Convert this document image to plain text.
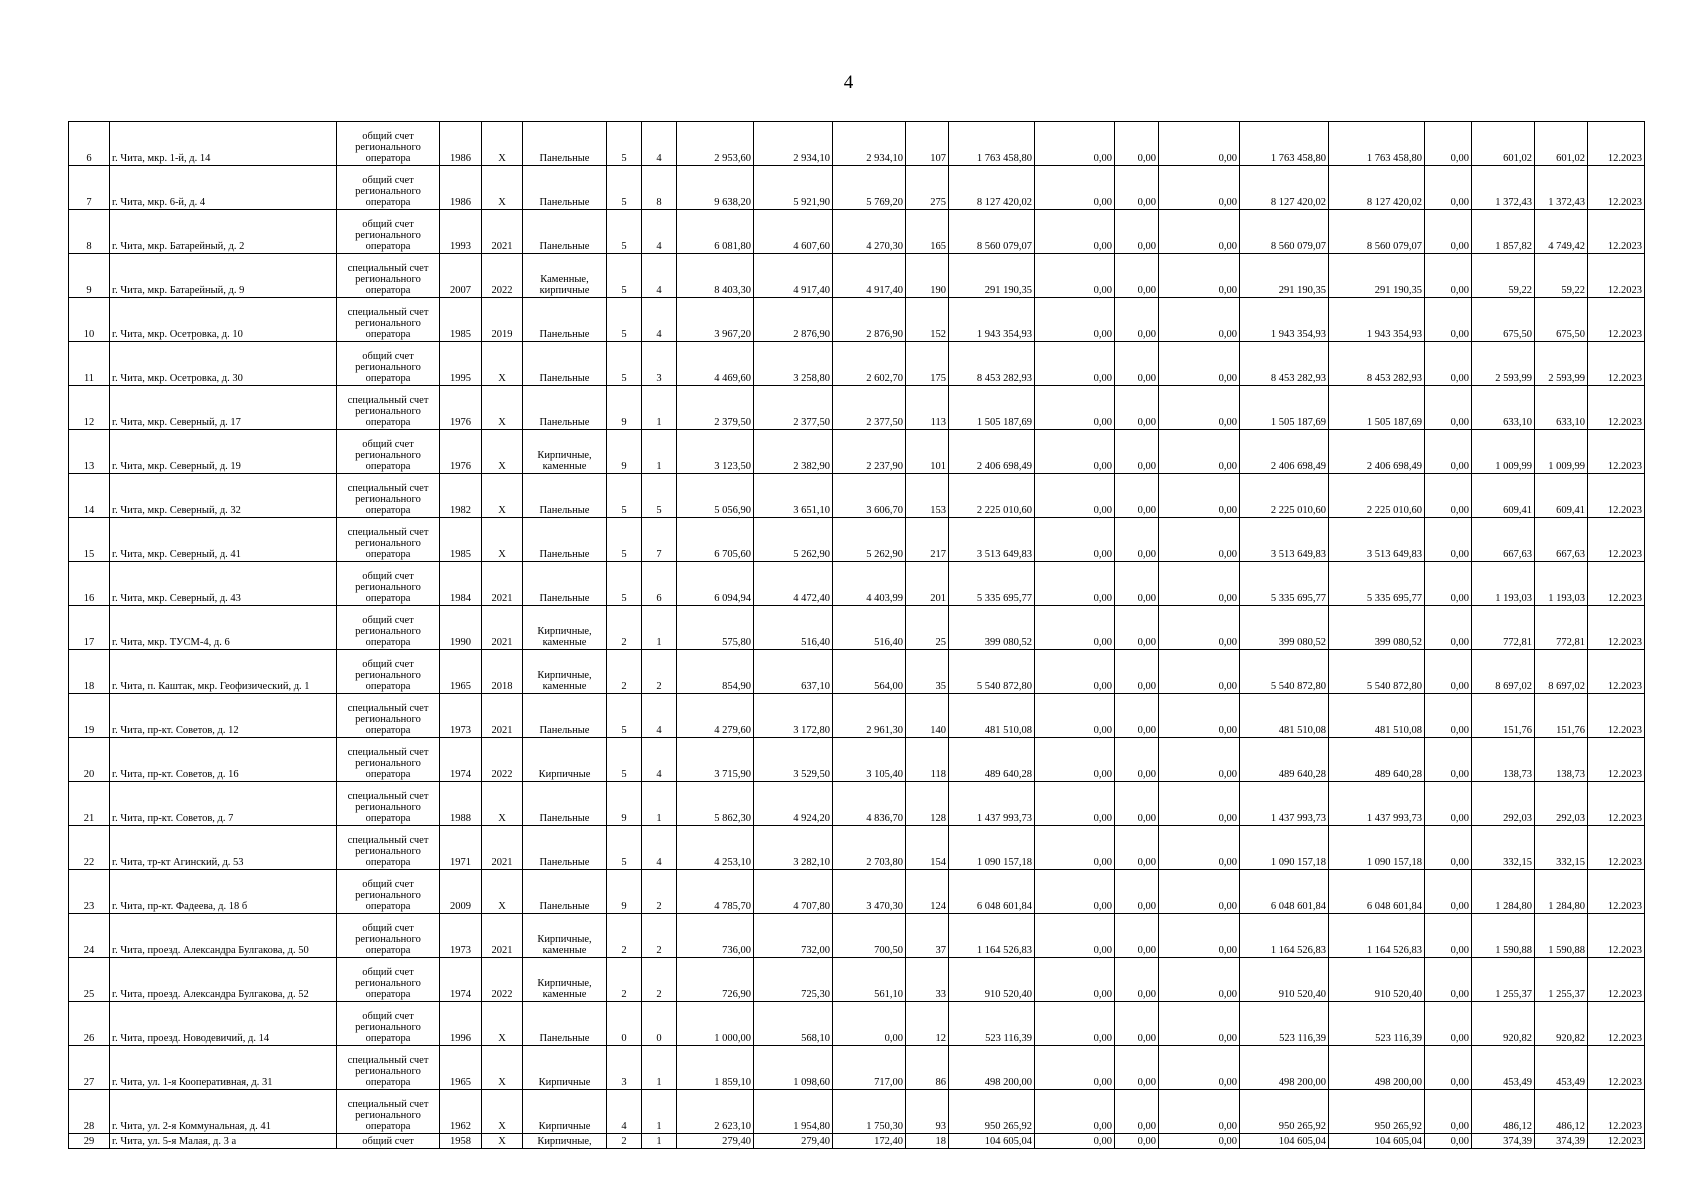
4
6	г. Чита, мкр. 1-й, д. 14	общий счет
регионального
оператора	1986	X	Панельные	5	4	2 953,60	2 934,10	2 934,10	107	1 763 458,80	0,00	0,00	0,00	1 763 458,80	1 763 458,80	0,00	601,02	601,02	12.2023
7	г. Чита, мкр. 6-й, д. 4	общий счет
регионального
оператора	1986	X	Панельные	5	8	9 638,20	5 921,90	5 769,20	275	8 127 420,02	0,00	0,00	0,00	8 127 420,02	8 127 420,02	0,00	1 372,43	1 372,43	12.2023
8	г. Чита, мкр. Батарейный, д. 2	общий счет
регионального
оператора	1993	2021	Панельные	5	4	6 081,80	4 607,60	4 270,30	165	8 560 079,07	0,00	0,00	0,00	8 560 079,07	8 560 079,07	0,00	1 857,82	4 749,42	12.2023
9	г. Чита, мкр. Батарейный, д. 9	специальный счет
регионального
оператора	2007	2022	Каменные,
кирпичные	5	4	8 403,30	4 917,40	4 917,40	190	291 190,35	0,00	0,00	0,00	291 190,35	291 190,35	0,00	59,22	59,22	12.2023
10	г. Чита, мкр. Осетровка, д. 10	специальный счет
регионального
оператора	1985	2019	Панельные	5	4	3 967,20	2 876,90	2 876,90	152	1 943 354,93	0,00	0,00	0,00	1 943 354,93	1 943 354,93	0,00	675,50	675,50	12.2023
11	г. Чита, мкр. Осетровка, д. 30	общий счет
регионального
оператора	1995	X	Панельные	5	3	4 469,60	3 258,80	2 602,70	175	8 453 282,93	0,00	0,00	0,00	8 453 282,93	8 453 282,93	0,00	2 593,99	2 593,99	12.2023
12	г. Чита, мкр. Северный, д. 17	специальный счет
регионального
оператора	1976	X	Панельные	9	1	2 379,50	2 377,50	2 377,50	113	1 505 187,69	0,00	0,00	0,00	1 505 187,69	1 505 187,69	0,00	633,10	633,10	12.2023
13	г. Чита, мкр. Северный, д. 19	общий счет
регионального
оператора	1976	X	Кирпичные,
каменные	9	1	3 123,50	2 382,90	2 237,90	101	2 406 698,49	0,00	0,00	0,00	2 406 698,49	2 406 698,49	0,00	1 009,99	1 009,99	12.2023
14	г. Чита, мкр. Северный, д. 32	специальный счет
регионального
оператора	1982	X	Панельные	5	5	5 056,90	3 651,10	3 606,70	153	2 225 010,60	0,00	0,00	0,00	2 225 010,60	2 225 010,60	0,00	609,41	609,41	12.2023
15	г. Чита, мкр. Северный, д. 41	специальный счет
регионального
оператора	1985	X	Панельные	5	7	6 705,60	5 262,90	5 262,90	217	3 513 649,83	0,00	0,00	0,00	3 513 649,83	3 513 649,83	0,00	667,63	667,63	12.2023
16	г. Чита, мкр. Северный, д. 43	общий счет
регионального
оператора	1984	2021	Панельные	5	6	6 094,94	4 472,40	4 403,99	201	5 335 695,77	0,00	0,00	0,00	5 335 695,77	5 335 695,77	0,00	1 193,03	1 193,03	12.2023
17	г. Чита, мкр. ТУСМ-4, д. 6	общий счет
регионального
оператора	1990	2021	Кирпичные,
каменные	2	1	575,80	516,40	516,40	25	399 080,52	0,00	0,00	0,00	399 080,52	399 080,52	0,00	772,81	772,81	12.2023
18	г. Чита, п. Каштак, мкр. Геофизический, д. 1	общий счет
регионального
оператора	1965	2018	Кирпичные,
каменные	2	2	854,90	637,10	564,00	35	5 540 872,80	0,00	0,00	0,00	5 540 872,80	5 540 872,80	0,00	8 697,02	8 697,02	12.2023
19	г. Чита, пр-кт. Советов, д. 12	специальный счет
регионального
оператора	1973	2021	Панельные	5	4	4 279,60	3 172,80	2 961,30	140	481 510,08	0,00	0,00	0,00	481 510,08	481 510,08	0,00	151,76	151,76	12.2023
20	г. Чита, пр-кт. Советов, д. 16	специальный счет
регионального
оператора	1974	2022	Кирпичные	5	4	3 715,90	3 529,50	3 105,40	118	489 640,28	0,00	0,00	0,00	489 640,28	489 640,28	0,00	138,73	138,73	12.2023
21	г. Чита, пр-кт. Советов, д. 7	специальный счет
регионального
оператора	1988	X	Панельные	9	1	5 862,30	4 924,20	4 836,70	128	1 437 993,73	0,00	0,00	0,00	1 437 993,73	1 437 993,73	0,00	292,03	292,03	12.2023
22	г. Чита, тр-кт Агинский, д. 53	специальный счет
регионального
оператора	1971	2021	Панельные	5	4	4 253,10	3 282,10	2 703,80	154	1 090 157,18	0,00	0,00	0,00	1 090 157,18	1 090 157,18	0,00	332,15	332,15	12.2023
23	г. Чита, пр-кт. Фадеева, д. 18 б	общий счет
регионального
оператора	2009	X	Панельные	9	2	4 785,70	4 707,80	3 470,30	124	6 048 601,84	0,00	0,00	0,00	6 048 601,84	6 048 601,84	0,00	1 284,80	1 284,80	12.2023
24	г. Чита, проезд. Александра Булгакова, д. 50	общий счет
регионального
оператора	1973	2021	Кирпичные,
каменные	2	2	736,00	732,00	700,50	37	1 164 526,83	0,00	0,00	0,00	1 164 526,83	1 164 526,83	0,00	1 590,88	1 590,88	12.2023
25	г. Чита, проезд. Александра Булгакова, д. 52	общий счет
регионального
оператора	1974	2022	Кирпичные,
каменные	2	2	726,90	725,30	561,10	33	910 520,40	0,00	0,00	0,00	910 520,40	910 520,40	0,00	1 255,37	1 255,37	12.2023
26	г. Чита, проезд. Новодевичий, д. 14	общий счет
регионального
оператора	1996	X	Панельные	0	0	1 000,00	568,10	0,00	12	523 116,39	0,00	0,00	0,00	523 116,39	523 116,39	0,00	920,82	920,82	12.2023
27	г. Чита, ул. 1-я Кооперативная, д. 31	специальный счет
регионального
оператора	1965	X	Кирпичные	3	1	1 859,10	1 098,60	717,00	86	498 200,00	0,00	0,00	0,00	498 200,00	498 200,00	0,00	453,49	453,49	12.2023
28	г. Чита, ул. 2-я Коммунальная, д. 41	специальный счет
регионального
оператора	1962	X	Кирпичные	4	1	2 623,10	1 954,80	1 750,30	93	950 265,92	0,00	0,00	0,00	950 265,92	950 265,92	0,00	486,12	486,12	12.2023
29	г. Чита, ул. 5-я Малая, д. 3 а	общий счет	1958	X	Кирпичные,	2	1	279,40	279,40	172,40	18	104 605,04	0,00	0,00	0,00	104 605,04	104 605,04	0,00	374,39	374,39	12.2023
